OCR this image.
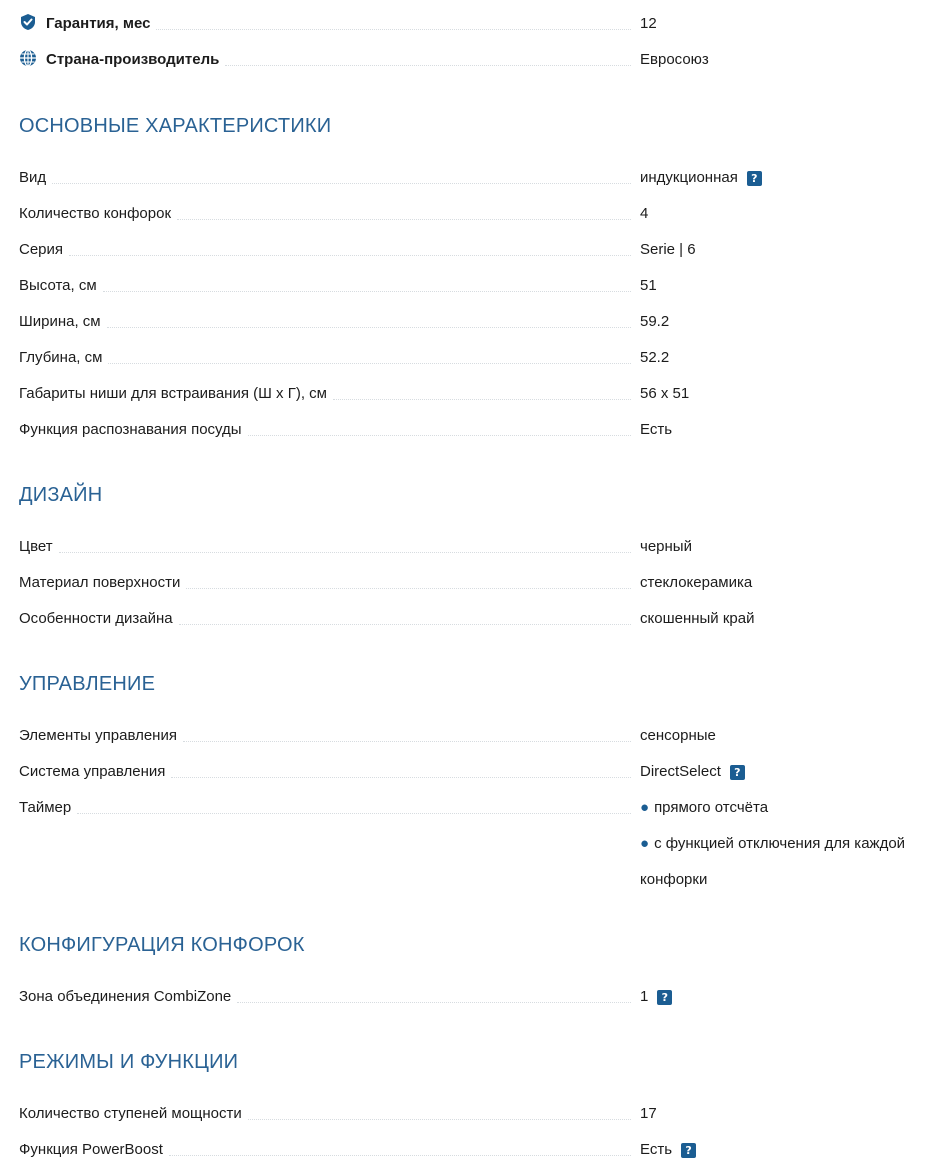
Гарантия, мес	12
Страна-производитель	Евросоюз
ОСНОВНЫЕ ХАРАКТЕРИСТИКИ
Вид	индукционная	?
Количество конфорок	4
Серия	Serie | 6
Высота, см	51
Ширина, см	59.2
Глубина, см	52.2
Габариты ниши для встраивания (Ш х Г), см	56 x 51
Функция распознавания посуды	Есть
ДИЗАЙН
Цвет	черный
Материал поверхности	стеклокерамика
Особенности дизайна	скошенный край
УПРАВЛЕНИЕ
Элементы управления	сенсорные
Система управления	DirectSelect	?
Таймер	● прямого отсчёта
● с функцией отключения для каждой
конфорки
КОНФИГУРАЦИЯ КОНФОРОК
Зона объединения CombiZone	1	?
РЕЖИМЫ И ФУНКЦИИ
Количество ступеней мощности	17
Функция PowerBoost	Есть	?
